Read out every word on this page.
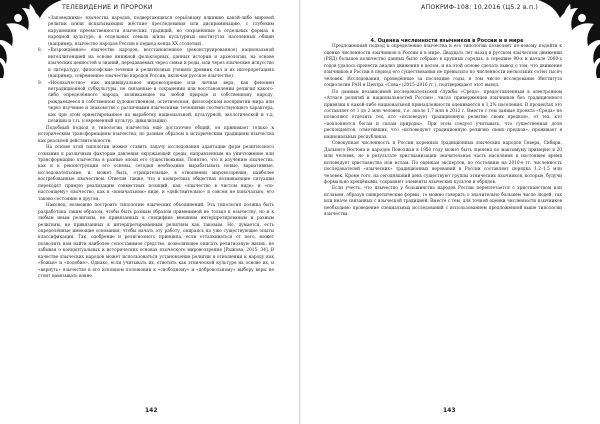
ТЕЛЕВИДЕНИЕ И ПРОРОКИ

7. «Заповедники» язычества народов, подвергающихся серьёзному влиянию какой-либо мировой религии и/или испытывающих жёсткие преследования или дискриминацию, с глубоким нарушением преемственности языческих традиций, но сохранённые в отдельных формах в народной культуре, в отдельных семьях и/или культурных институтах населенных общин (например, язычество народов России в период конца ХХ столетия).

8. «Возрождённое» язычество народов, восстановленное (реконструированное) национальной интеллигенцией на основе книжной фольклорных, данных истории и археологии, на основе языческих ценностей и знаний, передаваемых через семьи и роды, или через языческие искусство и литературу, философские течения и религиозных учениях древних сил и их интерпретациях (например, современное язычество народов России, включая русское язычество).

9. «Неоязычество» как индивидуальное мировоззрение или личная вера, как феномен нетрадиционной субкультуры, не связанные в сохранении или восстановлении религии какого-либо определённого народа, возникающее на любой природе и собственному народу, рождающееся в собственном художественном, эстетическом, философском восприятии мира или через изучение и знакомство с различными языческими течениями соответствующего характера, как при этом ориентированное на выработку национальной, культурной, экологической и т.д. позиции и т.п. (современный культур, цивилизации).

Подобный подход в типологии язычества ещё достаточно общий, он принимает только к историческим трансформациям язычества, но разным образом к историческим традициям язычества как реальной действительности.

На основе этой типологии можно ставить задачу исследования адаптации форм религиозного сознания к различным факторам давления окружающей среды, направленным на уничтожение или трансформацию язычества в разные эпохи его существования. Понятно, что к изучению язычества, как и к реконструкции его основы, сегодня необходимо вырабатывать новые, вариативные, исследовательские, и, может быть, отрицательные, в отношении мировоззрения, наиболее востребованные язычеством. Ответив также, что в конкретных обществах возникающие ситуации переходят прямую реализацию совместных позиций, как «язычество в чистом виде» и «по-настоящему» язычество, как в «изначальном» виде, и «действительно» и совсем не изначально, его таково состояние в другом.

Наконец, возможно построить типологию языческих объединений. Эта типология должна быть разработана таким образом, чтобы быть разным образом применимой не только к язычеству, но и к любым иным религиям, не привязанных к специфике внешним интерпретированым и разным религиям, не привязанных к интерпретированным религиям как таковым. Но, думается, есть определённые имеющие основания, чтобы начать эту работу, опираясь на уже существующие опыты классификации. Так, одобрение и религиозного принципа, если отталкиваться от него, может позволить нам найти наиболее сопоставимое средство, позволяющее описать религиозную жизнь, не забывая о концептуальных и исторических основах языческого мировоззрения [Рыжова, 2015: 34]. В качестве языческих народов может использоваться установление религии в отношении к народу как «божьи» и «подобие». Однако, если учитывать их, ответить как этнической культуре на основе их, и «вернуть» язычество в его исконном положении к «свободному» и «добровольному» выбору веры не стоит навязывать извне.

142
АПОКРИФ-108: 10.2016 (Ц5.2 в.п.)

4. Оценка численности язычников в России и в мире

Предложенный подход к определению язычества и его типологии позволяет по-новому подойти к оценке численности язычников в России и в мире. Двадцать лет назад в русском языческом движении (РЯД) большое количество данных было собрано в крупных городах, в середине 90-х и начале 2000-х годов удалось провести анализ движения в целом, и на этой основе сделать вывод о том, что движение язычников в России в период его существования не превысило по численности нескольких сотен тысяч человек. Исследования, проведённые за последние годы, в том числе исследование Института социологии РАН и Центра «Сова» (2015–2016 гг.), подтверждают этот вывод.

По данным независимой исследовательской службы «Среда», предоставленным в электронном «Атласе религий и национальностей России», число приверженцев язычников без традиционного привязки к какой-либо национальной принадлежности оценивается в 1,2% населения. В процентах это составляет от 1 до 2 млн человек, т.е. около 1,7 млн в 2012 г. Вместе с тем данные проекта «Среда» не позволяют отделить тех, кто «исповедует традиционную религию своих предков», от тех, кто «поклоняется богам и силам природы». При этом следует учитывать, что существенная доля респондентов, отметивших, что «исповедуют традиционную религию своих предков», проживает в национальных республиках.

Совокупная численность в России коренных традиционных языческих народов Севера, Сибири, Дальнего Востока и народов Поволжья в 1950 году может быть оценена по максимуму примерно в 20 млн человек, но в результате христианизации значительная часть населения в настоящее время исповедует христианство или ислам. По оценкам экспертов, по состоянию на 2010-е гг. численность последователей «языческих» традиционных верований в России составляет порядка 1,2–1,5 млн человек. Кроме того, на сегодняшний день существуют группы этнических язычников, которые, будучи формально крещёными, сохраняют элементы языческих культов и обрядов.

Если учесть, что язычество у большинства народов России переплетается с христианством или исламом, образуя синкретические формы, то можно говорить о значительно большем числе людей, так или иначе связанных с языческой традицией. Вместе с тем, для точной оценки численности язычников необходимо проведение специальных исследований с использованием предложенной выше типологии язычества.

143
